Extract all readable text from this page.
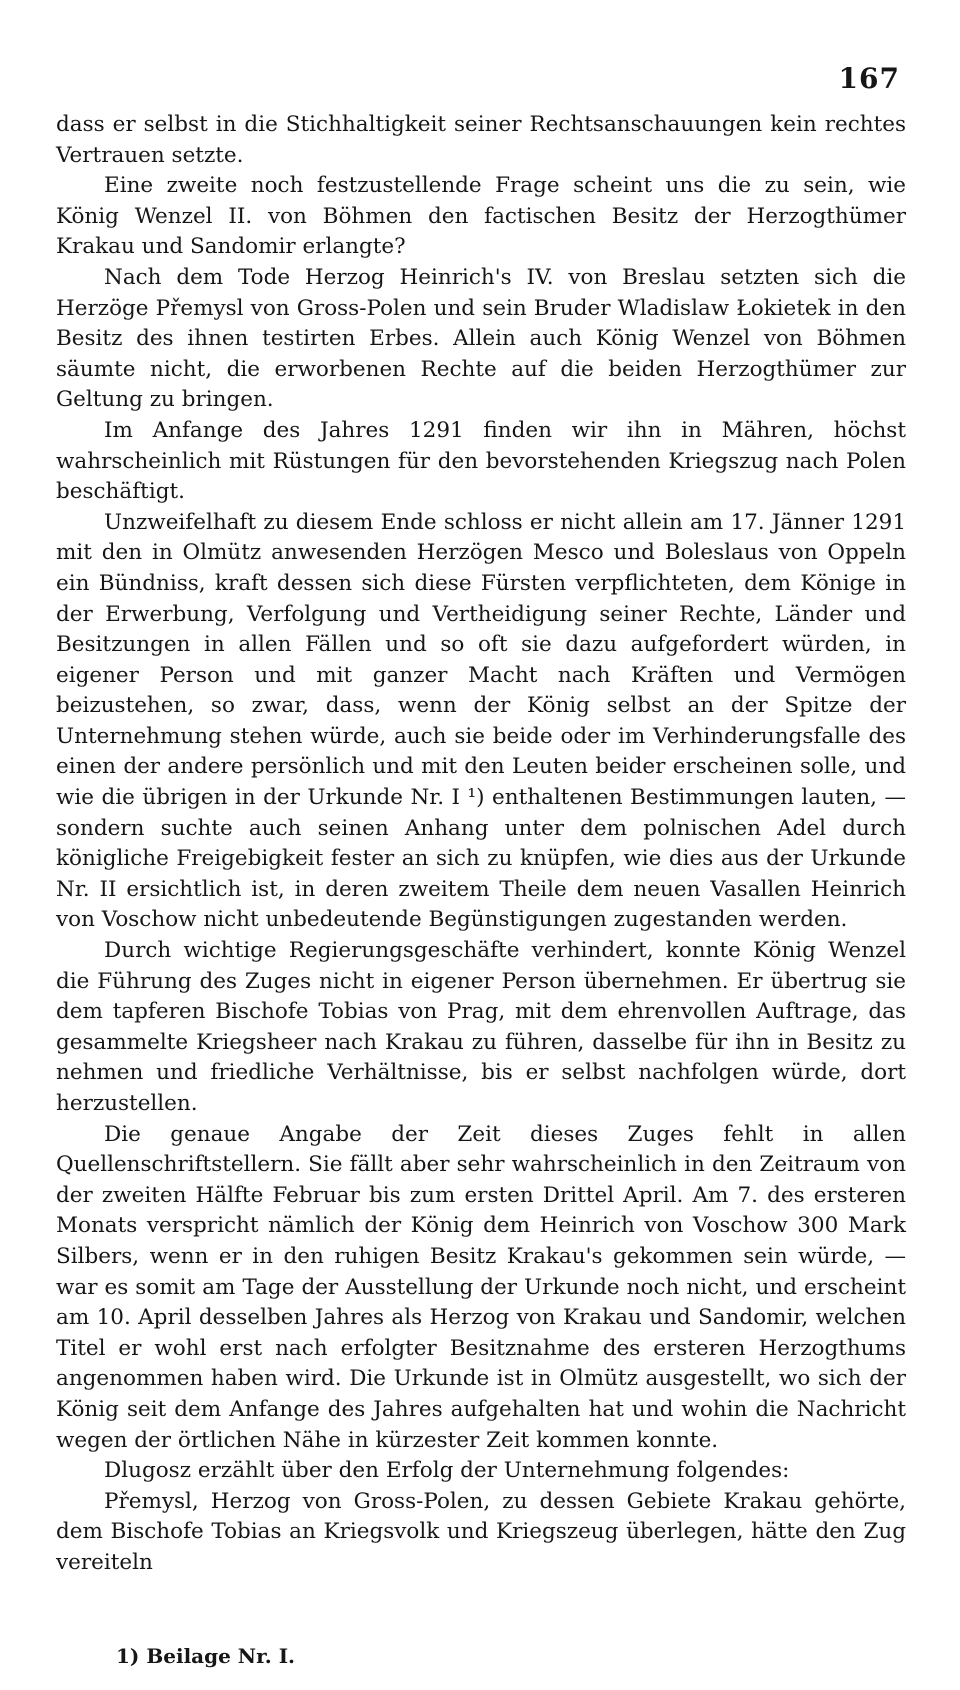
167

dass er selbst in die Stichhaltigkeit seiner Rechtsanschauungen kein rechtes Vertrauen setzte.

Eine zweite noch festzustellende Frage scheint uns die zu sein, wie König Wenzel II. von Böhmen den factischen Besitz der Herzogthümer Krakau und Sandomir erlangte?

Nach dem Tode Herzog Heinrich's IV. von Breslau setzten sich die Herzöge Přemysl von Gross-Polen und sein Bruder Wladislaw Łokietek in den Besitz des ihnen testirten Erbes. Allein auch König Wenzel von Böhmen säumte nicht, die erworbenen Rechte auf die beiden Herzogthümer zur Geltung zu bringen.

Im Anfange des Jahres 1291 finden wir ihn in Mähren, höchst wahrscheinlich mit Rüstungen für den bevorstehenden Kriegszug nach Polen beschäftigt.

Unzweifelhaft zu diesem Ende schloss er nicht allein am 17. Jänner 1291 mit den in Olmütz anwesenden Herzögen Mesco und Boleslaus von Oppeln ein Bündniss, kraft dessen sich diese Fürsten verpflichteten, dem Könige in der Erwerbung, Verfolgung und Vertheidigung seiner Rechte, Länder und Besitzungen in allen Fällen und so oft sie dazu aufgefordert würden, in eigener Person und mit ganzer Macht nach Kräften und Vermögen beizustehen, so zwar, dass, wenn der König selbst an der Spitze der Unternehmung stehen würde, auch sie beide oder im Verhinderungsfalle des einen der andere persönlich und mit den Leuten beider erscheinen solle, und wie die übrigen in der Urkunde Nr. I ¹) enthaltenen Bestimmungen lauten, — sondern suchte auch seinen Anhang unter dem polnischen Adel durch königliche Freigebigkeit fester an sich zu knüpfen, wie dies aus der Urkunde Nr. II ersichtlich ist, in deren zweitem Theile dem neuen Vasallen Heinrich von Voschow nicht unbedeutende Begünstigungen zugestanden werden.

Durch wichtige Regierungsgeschäfte verhindert, konnte König Wenzel die Führung des Zuges nicht in eigener Person übernehmen. Er übertrug sie dem tapferen Bischofe Tobias von Prag, mit dem ehrenvollen Auftrage, das gesammelte Kriegsheer nach Krakau zu führen, dasselbe für ihn in Besitz zu nehmen und friedliche Verhältnisse, bis er selbst nachfolgen würde, dort herzustellen.

Die genaue Angabe der Zeit dieses Zuges fehlt in allen Quellenschriftstellern. Sie fällt aber sehr wahrscheinlich in den Zeitraum von der zweiten Hälfte Februar bis zum ersten Drittel April. Am 7. des ersteren Monats verspricht nämlich der König dem Heinrich von Voschow 300 Mark Silbers, wenn er in den ruhigen Besitz Krakau's gekommen sein würde, — war es somit am Tage der Ausstellung der Urkunde noch nicht, und erscheint am 10. April desselben Jahres als Herzog von Krakau und Sandomir, welchen Titel er wohl erst nach erfolgter Besitznahme des ersteren Herzogthums angenommen haben wird. Die Urkunde ist in Olmütz ausgestellt, wo sich der König seit dem Anfange des Jahres aufgehalten hat und wohin die Nachricht wegen der örtlichen Nähe in kürzester Zeit kommen konnte.

Dlugosz erzählt über den Erfolg der Unternehmung folgendes:

Přemysl, Herzog von Gross-Polen, zu dessen Gebiete Krakau gehörte, dem Bischofe Tobias an Kriegsvolk und Kriegszeug überlegen, hätte den Zug vereiteln

1) Beilage Nr. I.
